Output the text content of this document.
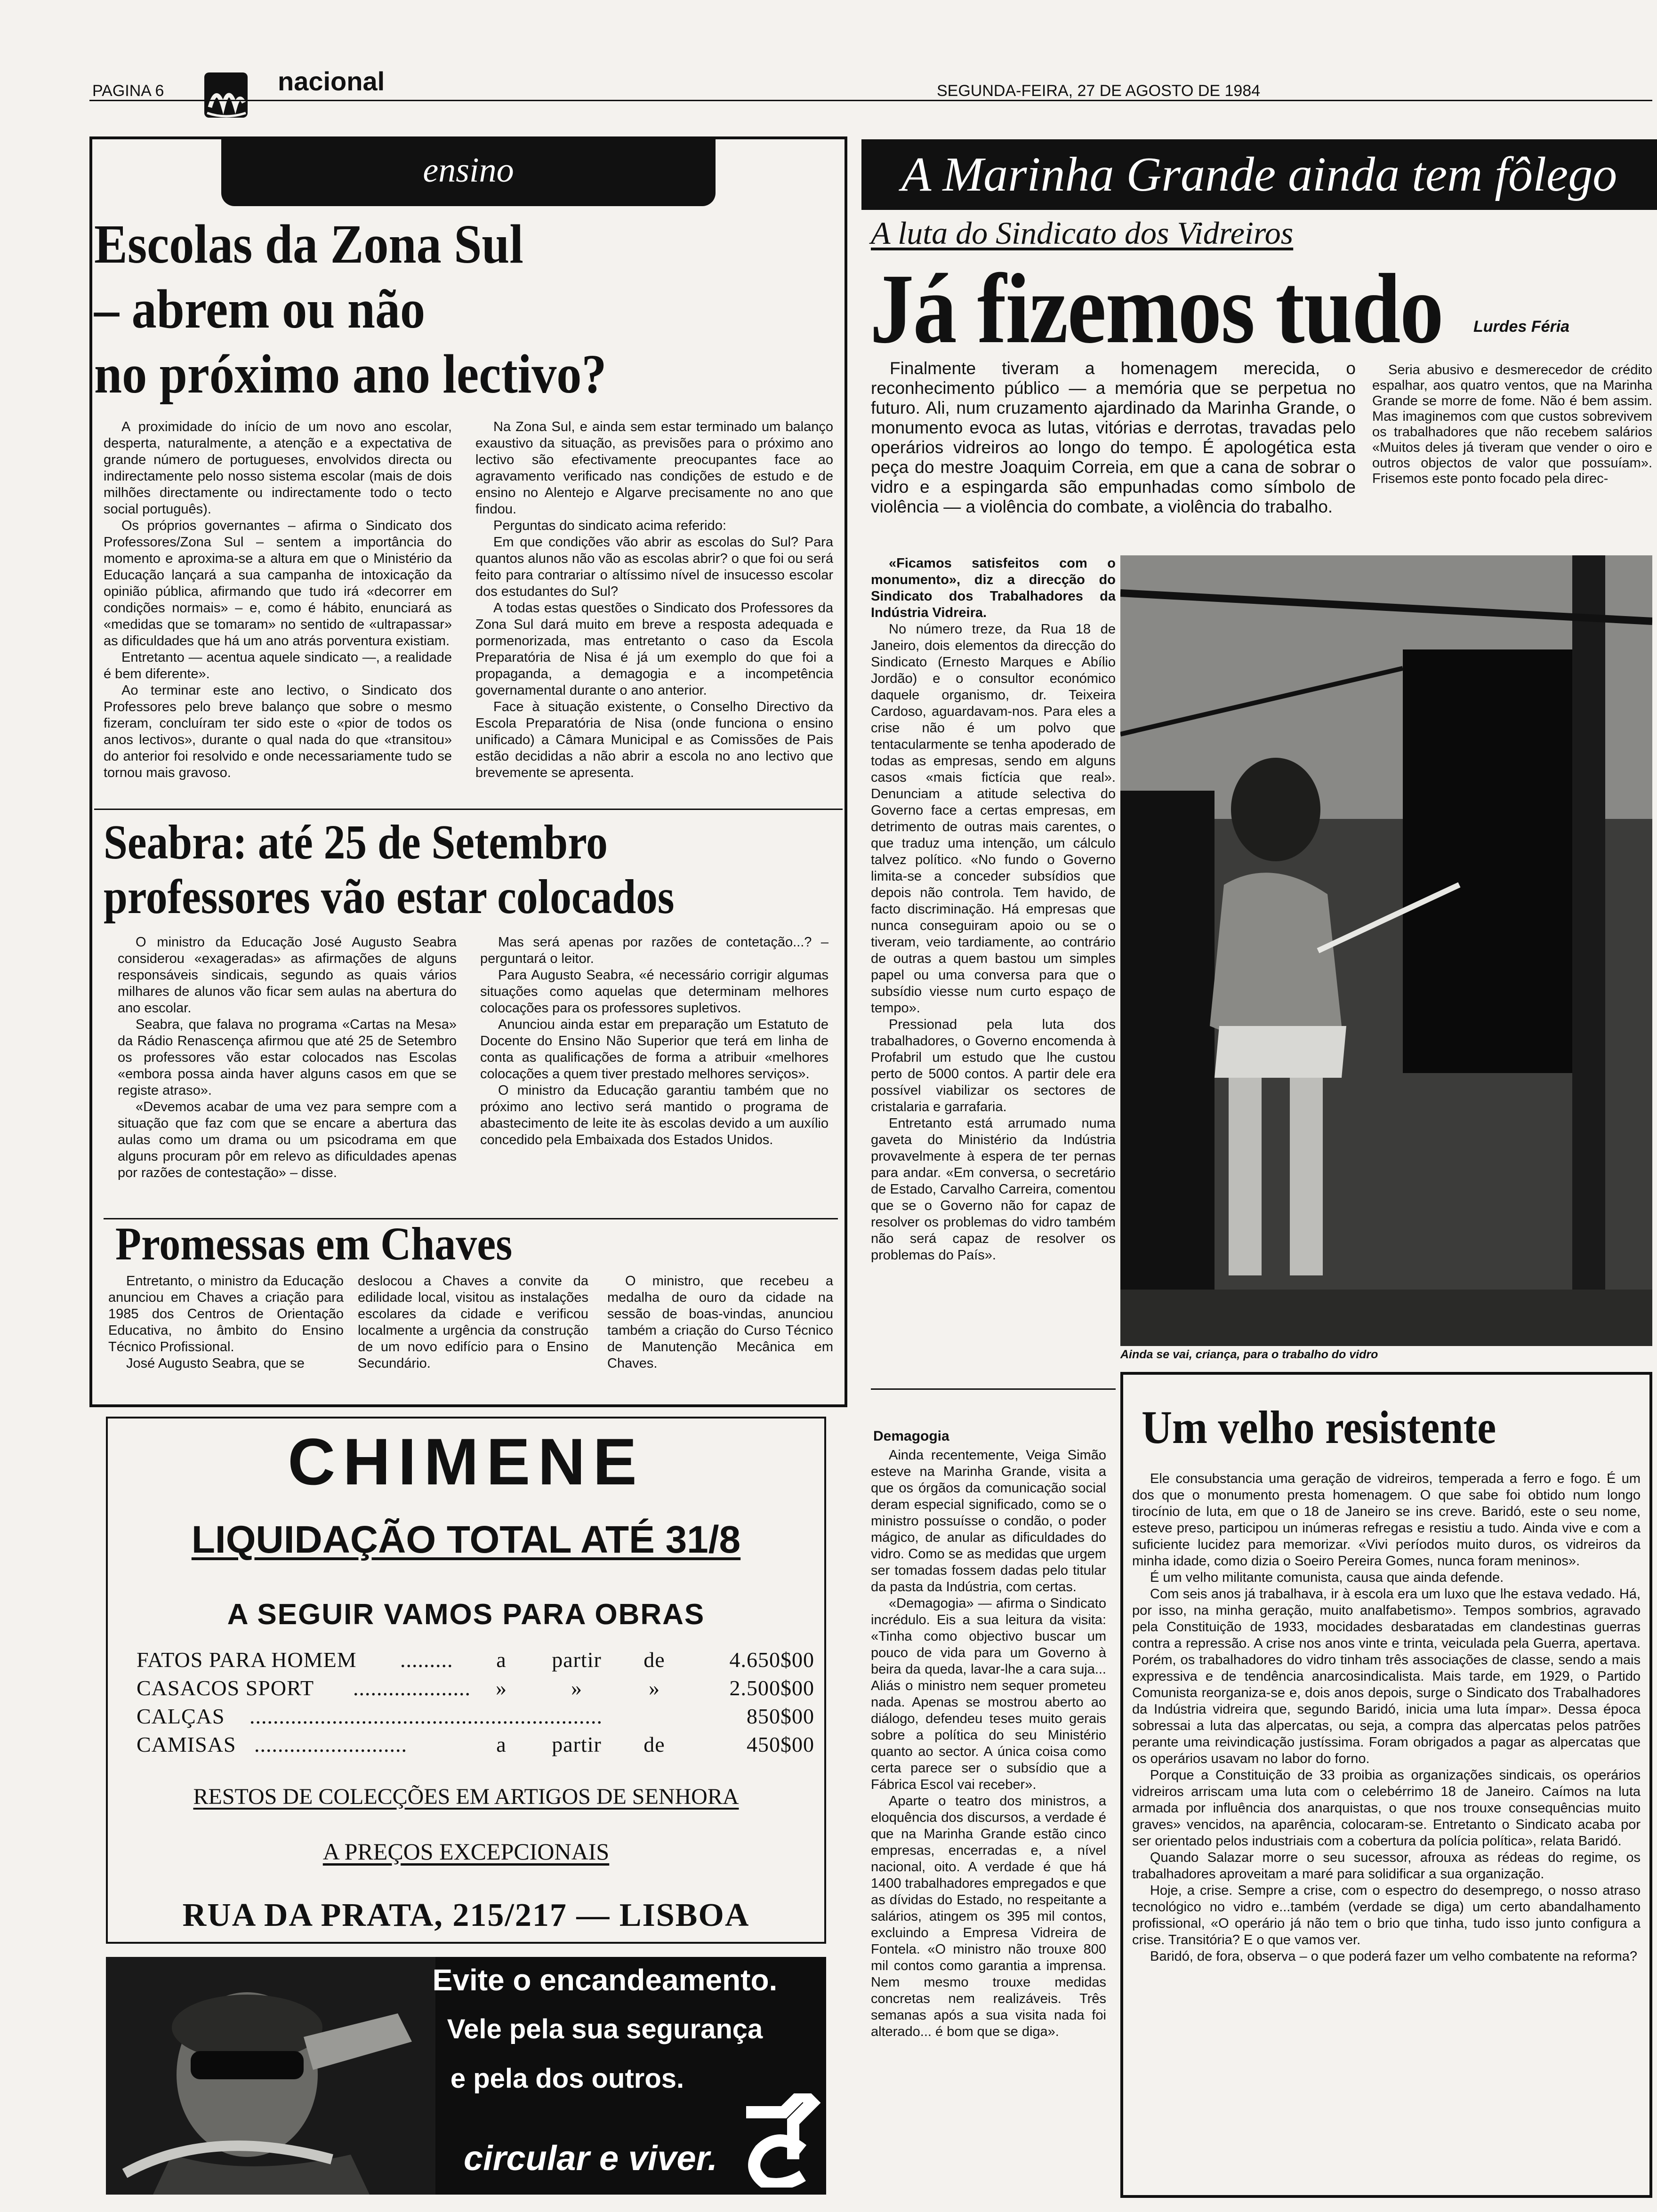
PAGINA 6	nacional	SEGUNDA-FEIRA, 27 DE AGOSTO DE 1984
ensino
Escolas da Zona Sul
– abrem ou não
no próximo ano lectivo?

A proximidade do início de um novo ano escolar, desperta, naturalmente, a atenção e a expectativa de grande número de portugueses, envolvidos directa ou indirectamente pelo nosso sistema escolar (mais de dois milhões directamente ou indirectamente todo o tecto social português).

Os próprios governantes – afirma o Sindicato dos Professores/Zona Sul – sentem a importância do momento e aproxima-se a altura em que o Ministério da Educação lançará a sua campanha de intoxicação da opinião pública, afirmando que tudo irá «decorrer em condições normais» – e, como é hábito, enunciará as «medidas que se tomaram» no sentido de «ultrapassar» as dificuldades que há um ano atrás porventura existiam.

Entretanto — acentua aquele sindicato —, a realidade é bem diferente».

Ao terminar este ano lectivo, o Sindicato dos Professores pelo breve balanço que sobre o mesmo fizeram, concluíram ter sido este o «pior de todos os anos lectivos», durante o qual nada do que «transitou» do anterior foi resolvido e onde necessariamente tudo se tornou mais gravoso.

Na Zona Sul, e ainda sem estar terminado um balanço exaustivo da situação, as previsões para o próximo ano lectivo são efectivamente preocupantes face ao agravamento verificado nas condições de estudo e de ensino no Alentejo e Algarve precisamente no ano que findou.

Perguntas do sindicato acima referido:

Em que condições vão abrir as escolas do Sul? Para quantos alunos não vão as escolas abrir? o que foi ou será feito para contrariar o altíssimo nível de insucesso escolar dos estudantes do Sul?

A todas estas questões o Sindicato dos Professores da Zona Sul dará muito em breve a resposta adequada e pormenorizada, mas entretanto o caso da Escola Preparatória de Nisa é já um exemplo do que foi a propaganda, a demagogia e a incompetência governamental durante o ano anterior.

Face à situação existente, o Conselho Directivo da Escola Preparatória de Nisa (onde funciona o ensino unificado) a Câmara Municipal e as Comissões de Pais estão decididas a não abrir a escola no ano lectivo que brevemente se apresenta.

Seabra: até 25 de Setembro
professores vão estar colocados

O ministro da Educação José Augusto Seabra considerou «exageradas» as afirmações de alguns responsáveis sindicais, segundo as quais vários milhares de alunos vão ficar sem aulas na abertura do ano escolar.

Seabra, que falava no programa «Cartas na Mesa» da Rádio Renascença afirmou que até 25 de Setembro os professores vão estar colocados nas Escolas «embora possa ainda haver alguns casos em que se registe atraso».

«Devemos acabar de uma vez para sempre com a situação que faz com que se encare a abertura das aulas como um drama ou um psicodrama em que alguns procuram pôr em relevo as dificuldades apenas por razões de contestação» – disse.

Mas será apenas por razões de contetação...? – perguntará o leitor.

Para Augusto Seabra, «é necessário corrigir algumas situações como aquelas que determinam melhores colocações para os professores supletivos.

Anunciou ainda estar em preparação um Estatuto de Docente do Ensino Não Superior que terá em linha de conta as qualificações de forma a atribuir «melhores colocações a quem tiver prestado melhores serviços».

O ministro da Educação garantiu também que no próximo ano lectivo será mantido o programa de abastecimento de leite ite às escolas devido a um auxílio concedido pela Embaixada dos Estados Unidos.

Promessas em Chaves

Entretanto, o ministro da Educação anunciou em Chaves a criação para 1985 dos Centros de Orientação Educativa, no âmbito do Ensino Técnico Profissional.

José Augusto Seabra, que se

deslocou a Chaves a convite da edilidade local, visitou as instalações escolares da cidade e verificou localmente a urgência da construção de um novo edifício para o Ensino Secundário.

O ministro, que recebeu a medalha de ouro da cidade na sessão de boas-vindas, anunciou também a criação do Curso Técnico de Manutenção Mecânica em Chaves.

CHIMENE
LIQUIDAÇÃO TOTAL ATÉ 31/8
A SEGUIR VAMOS PARA OBRAS
FATOS PARA HOMEM	.........	a	partir	de	4.650$00
CASACOS SPORT	....................	»	»	»	2.500$00
CALÇAS	............................................................	850$00
CAMISAS ..........................	a	partir	de	450$00
RESTOS DE COLECÇÕES EM ARTIGOS DE SENHORA
A PREÇOS EXCEPCIONAIS
RUA DA PRATA, 215/217 — LISBOA
Evite o encandeamento.
Vele pela sua segurança
e pela dos outros.
circular e viver.
A Marinha Grande ainda tem fôlego
A luta do Sindicato dos Vidreiros
Já fizemos tudo Lurdes Féria
Finalmente tiveram a homenagem merecida, o reconhecimento público — a memória que se perpetua no futuro. Ali, num cruzamento ajardinado da Marinha Grande, o monumento evoca as lutas, vitórias e derrotas, travadas pelo operários vidreiros ao longo do tempo. É apologética esta peça do mestre Joaquim Correia, em que a cana de sobrar o vidro e a espingarda são empunhadas como símbolo de violência — a violência do combate, a violência do trabalho.
Seria abusivo e desmerecedor de crédito espalhar, aos quatro ventos, que na Marinha Grande se morre de fome. Não é bem assim. Mas imaginemos com que custos sobrevivem os trabalhadores que não recebem salários «Muitos deles já tiveram que vender o oiro e outros objectos de valor que possuíam». Frisemos este ponto focado pela direc-

«Ficamos satisfeitos com o monumento», diz a direcção do Sindicato dos Trabalhadores da Indústria Vidreira.

No número treze, da Rua 18 de Janeiro, dois elementos da direcção do Sindicato (Ernesto Marques e Abílio Jordão) e o consultor económico daquele organismo, dr. Teixeira Cardoso, aguardavam-nos. Para eles a crise não é um polvo que tentacularmente se tenha apoderado de todas as empresas, sendo em alguns casos «mais fictícia que real». Denunciam a atitude selectiva do Governo face a certas empresas, em detrimento de outras mais carentes, o que traduz uma intenção, um cálculo talvez político. «No fundo o Governo limita-se a conceder subsídios que depois não controla. Tem havido, de facto discriminação. Há empresas que nunca conseguiram apoio ou se o tiveram, veio tardiamente, ao contrário de outras a quem bastou um simples papel ou uma conversa para que o subsídio viesse num curto espaço de tempo».

Pressionad pela luta dos trabalhadores, o Governo encomenda à Profabril um estudo que lhe custou perto de 5000 contos. A partir dele era possível viabilizar os sectores de cristalaria e garrafaria.

Entretanto está arrumado numa gaveta do Ministério da Indústria provavelmente à espera de ter pernas para andar. «Em conversa, o secretário de Estado, Carvalho Carreira, comentou que se o Governo não for capaz de resolver os problemas do vidro também não será capaz de resolver os problemas do País».

Ainda se vai, criança, para o trabalho do vidro
Demagogia

Ainda recentemente, Veiga Simão esteve na Marinha Grande, visita a que os órgãos da comunicação social deram especial significado, como se o ministro possuísse o condão, o poder mágico, de anular as dificuldades do vidro. Como se as medidas que urgem ser tomadas fossem dadas pelo titular da pasta da Indústria, com certas.

«Demagogia» — afirma o Sindicato incrédulo. Eis a sua leitura da visita: «Tinha como objectivo buscar um pouco de vida para um Governo à beira da queda, lavar-lhe a cara suja... Aliás o ministro nem sequer prometeu nada. Apenas se mostrou aberto ao diálogo, defendeu teses muito gerais sobre a política do seu Ministério quanto ao sector. A única coisa como certa parece ser o subsídio que a Fábrica Escol vai receber».

Aparte o teatro dos ministros, a eloquência dos discursos, a verdade é que na Marinha Grande estão cinco empresas, encerradas e, a nível nacional, oito. A verdade é que há 1400 trabalhadores empregados e que as dívidas do Estado, no respeitante a salários, atingem os 395 mil contos, excluindo a Empresa Vidreira de Fontela. «O ministro não trouxe 800 mil contos como garantia a imprensa. Nem mesmo trouxe medidas concretas nem realizáveis. Três semanas após a sua visita nada foi alterado... é bom que se diga».

Um velho resistente

Ele consubstancia uma geração de vidreiros, temperada a ferro e fogo. É um dos que o monumento presta homenagem. O que sabe foi obtido num longo tirocínio de luta, em que o 18 de Janeiro se ins creve. Baridó, este o seu nome, esteve preso, participou un inúmeras refregas e resistiu a tudo. Ainda vive e com a suficiente lucidez para memorizar. «Vivi períodos muito duros, os vidreiros da minha idade, como dizia o Soeiro Pereira Gomes, nunca foram meninos».

É um velho militante comunista, causa que ainda defende.

Com seis anos já trabalhava, ir à escola era um luxo que lhe estava vedado. Há, por isso, na minha geração, muito analfabetismo». Tempos sombrios, agravado pela Constituição de 1933, mocidades desbaratadas em clandestinas guerras contra a repressão. A crise nos anos vinte e trinta, veiculada pela Guerra, apertava. Porém, os trabalhadores do vidro tinham três associações de classe, sendo a mais expressiva e de tendência anarcosindicalista. Mais tarde, em 1929, o Partido Comunista reorganiza-se e, dois anos depois, surge o Sindicato dos Trabalhadores da Indústria vidreira que, segundo Baridó, inicia uma luta ímpar». Dessa época sobressai a luta das alpercatas, ou seja, a compra das alpercatas pelos patrões perante uma reivindicação justíssima. Foram obrigados a pagar as alpercatas que os operários usavam no labor do forno.

Porque a Constituição de 33 proibia as organizações sindicais, os operários vidreiros arriscam uma luta com o celebérrimo 18 de Janeiro. Caímos na luta armada por influência dos anarquistas, o que nos trouxe consequências muito graves» vencidos, na aparência, colocaram-se. Entretanto o Sindicato acaba por ser orientado pelos industriais com a cobertura da polícia política», relata Baridó.

Quando Salazar morre o seu sucessor, afrouxa as rédeas do regime, os trabalhadores aproveitam a maré para solidificar a sua organização.

Hoje, a crise. Sempre a crise, com o espectro do desemprego, o nosso atraso tecnológico no vidro e...também (verdade se diga) um certo abandalhamento profissional, «O operário já não tem o brio que tinha, tudo isso junto configura a crise. Transitória? E o que vamos ver.

Baridó, de fora, observa – o que poderá fazer um velho combatente na reforma?
